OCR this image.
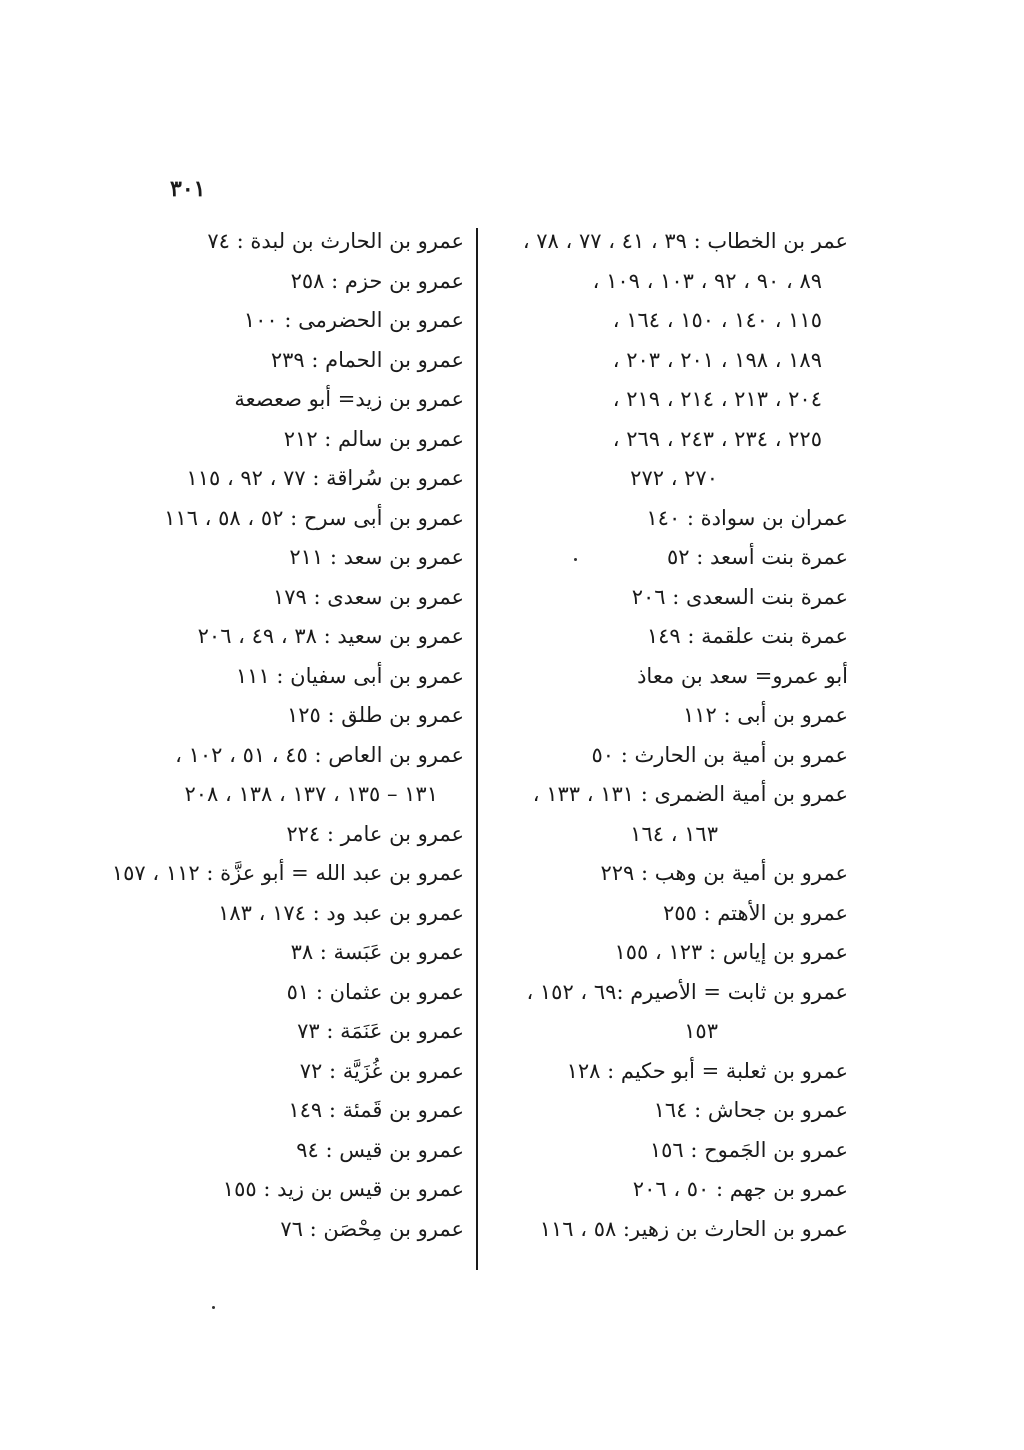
٣٠١
عمر بن الخطاب : ٣٩ ، ٤١ ، ٧٧ ، ٧٨ ،
٨٩ ، ٩٠ ، ٩٢ ، ١٠٣ ، ١٠٩ ،
١١٥ ، ١٤٠ ، ١٥٠ ، ١٦٤ ،
١٨٩ ، ١٩٨ ، ٢٠١ ، ٢٠٣ ،
٢٠٤ ، ٢١٣ ، ٢١٤ ، ٢١٩ ،
٢٢٥ ، ٢٣٤ ، ٢٤٣ ، ٢٦٩ ،
٢٧٠ ، ٢٧٢
عمران بن سوادة : ١٤٠
عمرة بنت أسعد : ٥٢
عمرة بنت السعدى : ٢٠٦
عمرة بنت علقمة : ١٤٩
أبو عمرو= سعد بن معاذ
عمرو بن أبى : ١١٢
عمرو بن أمية بن الحارث : ٥٠
عمرو بن أمية الضمرى : ١٣١ ، ١٣٣ ،
١٦٣ ، ١٦٤
عمرو بن أمية بن وهب : ٢٢٩
عمرو بن الأهتم : ٢٥٥
عمرو بن إياس : ١٢٣ ، ١٥٥
عمرو بن ثابت = الأصيرم :٦٩ ، ١٥٢ ،
١٥٣
عمرو بن ثعلبة = أبو حكيم : ١٢٨
عمرو بن جحاش : ١٦٤
عمرو بن الجَموح : ١٥٦
عمرو بن جهم : ٥٠ ، ٢٠٦
عمرو بن الحارث بن زهير: ٥٨ ، ١١٦
عمرو بن الحارث بن لبدة : ٧٤
عمرو بن حزم : ٢٥٨
عمرو بن الحضرمى : ١٠٠
عمرو بن الحمام : ٢٣٩
عمرو بن زيد= أبو صعصعة
عمرو بن سالم : ٢١٢
عمرو بن سُراقة : ٧٧ ، ٩٢ ، ١١٥
عمرو بن أبى سرح : ٥٢ ، ٥٨ ، ١١٦
عمرو بن سعد : ٢١١
عمرو بن سعدى : ١٧٩
عمرو بن سعيد : ٣٨ ، ٤٩ ، ٢٠٦
عمرو بن أبى سفيان : ١١١
عمرو بن طلق : ١٢٥
عمرو بن العاص : ٤٥ ، ٥١ ، ١٠٢ ،
١٣١ – ١٣٥ ، ١٣٧ ، ١٣٨ ، ٢٠٨
عمرو بن عامر : ٢٢٤
عمرو بن عبد الله = أبو عزَّة : ١١٢ ، ١٥٧
عمرو بن عبد ود : ١٧٤ ، ١٨٣
عمرو بن عَبَسة : ٣٨
عمرو بن عثمان : ٥١
عمرو بن عَنَمَة : ٧٣
عمرو بن غُزَيَّة : ٧٢
عمرو بن قَمئة : ١٤٩
عمرو بن قيس : ٩٤
عمرو بن قيس بن زيد : ١٥٥
عمرو بن مِحْصَن : ٧٦
